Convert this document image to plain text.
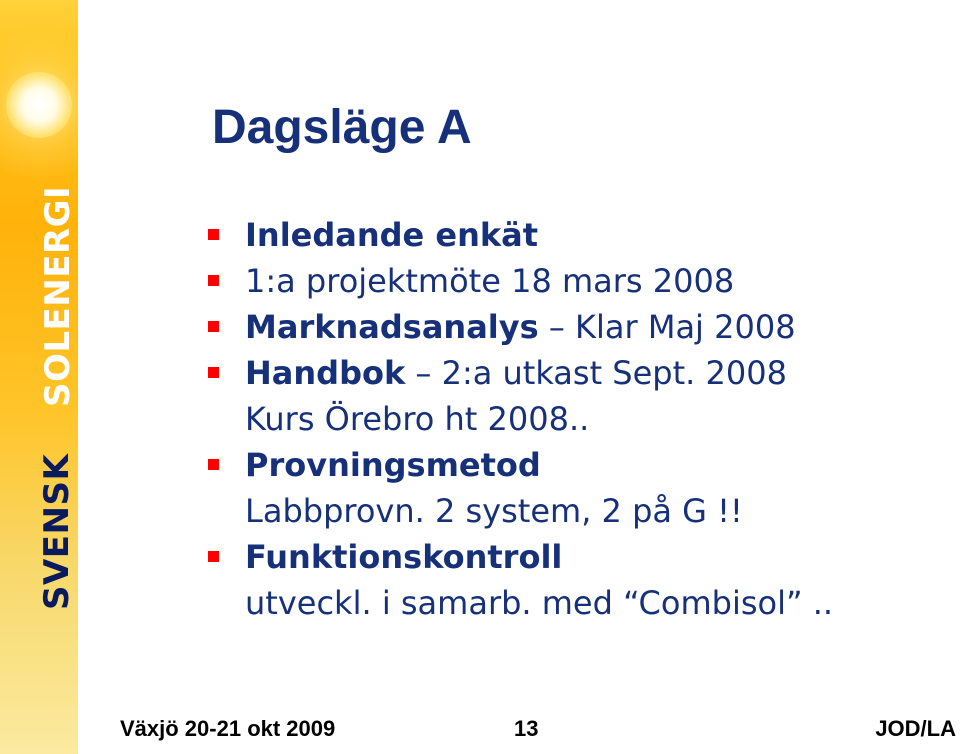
SOLENERGI
SVENSK
Dagsläge A
Inledande enkät
1:a projektmöte 18 mars 2008
Marknadsanalys – Klar Maj 2008
Handbok – 2:a utkast Sept. 2008
Kurs Örebro ht 2008..
Provningsmetod
Labbprovn. 2 system, 2 på G !!
Funktionskontroll
utveckl. i samarb. med “Combisol” ..
Växjö 20-21 okt 2009	13	JOD/LA
